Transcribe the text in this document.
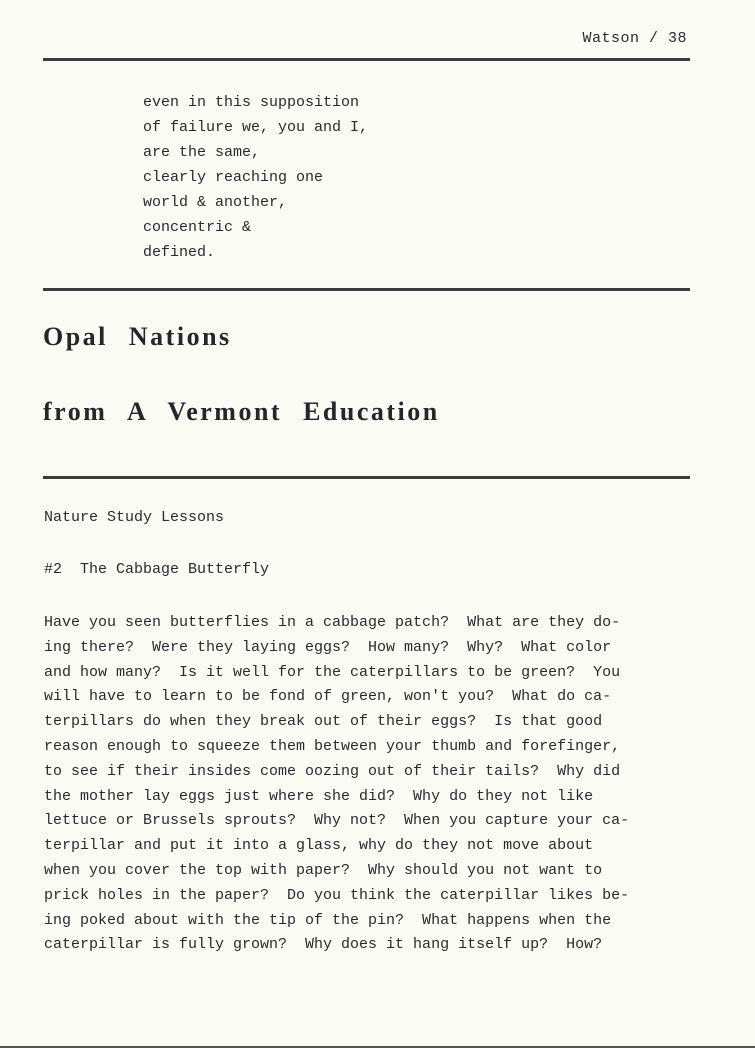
Watson / 38
even in this supposition
of failure we, you and I,
are the same,
clearly reaching one
world & another,
concentric &
defined.
Opal Nations
from A Vermont Education
Nature Study Lessons
#2  The Cabbage Butterfly
Have you seen butterflies in a cabbage patch?  What are they do-
ing there?  Were they laying eggs?  How many?  Why?  What color
and how many?  Is it well for the caterpillars to be green?  You
will have to learn to be fond of green, won't you?  What do ca-
terpillars do when they break out of their eggs?  Is that good
reason enough to squeeze them between your thumb and forefinger,
to see if their insides come oozing out of their tails?  Why did
the mother lay eggs just where she did?  Why do they not like
lettuce or Brussels sprouts?  Why not?  When you capture your ca-
terpillar and put it into a glass, why do they not move about
when you cover the top with paper?  Why should you not want to
prick holes in the paper?  Do you think the caterpillar likes be-
ing poked about with the tip of the pin?  What happens when the
caterpillar is fully grown?  Why does it hang itself up?  How?
